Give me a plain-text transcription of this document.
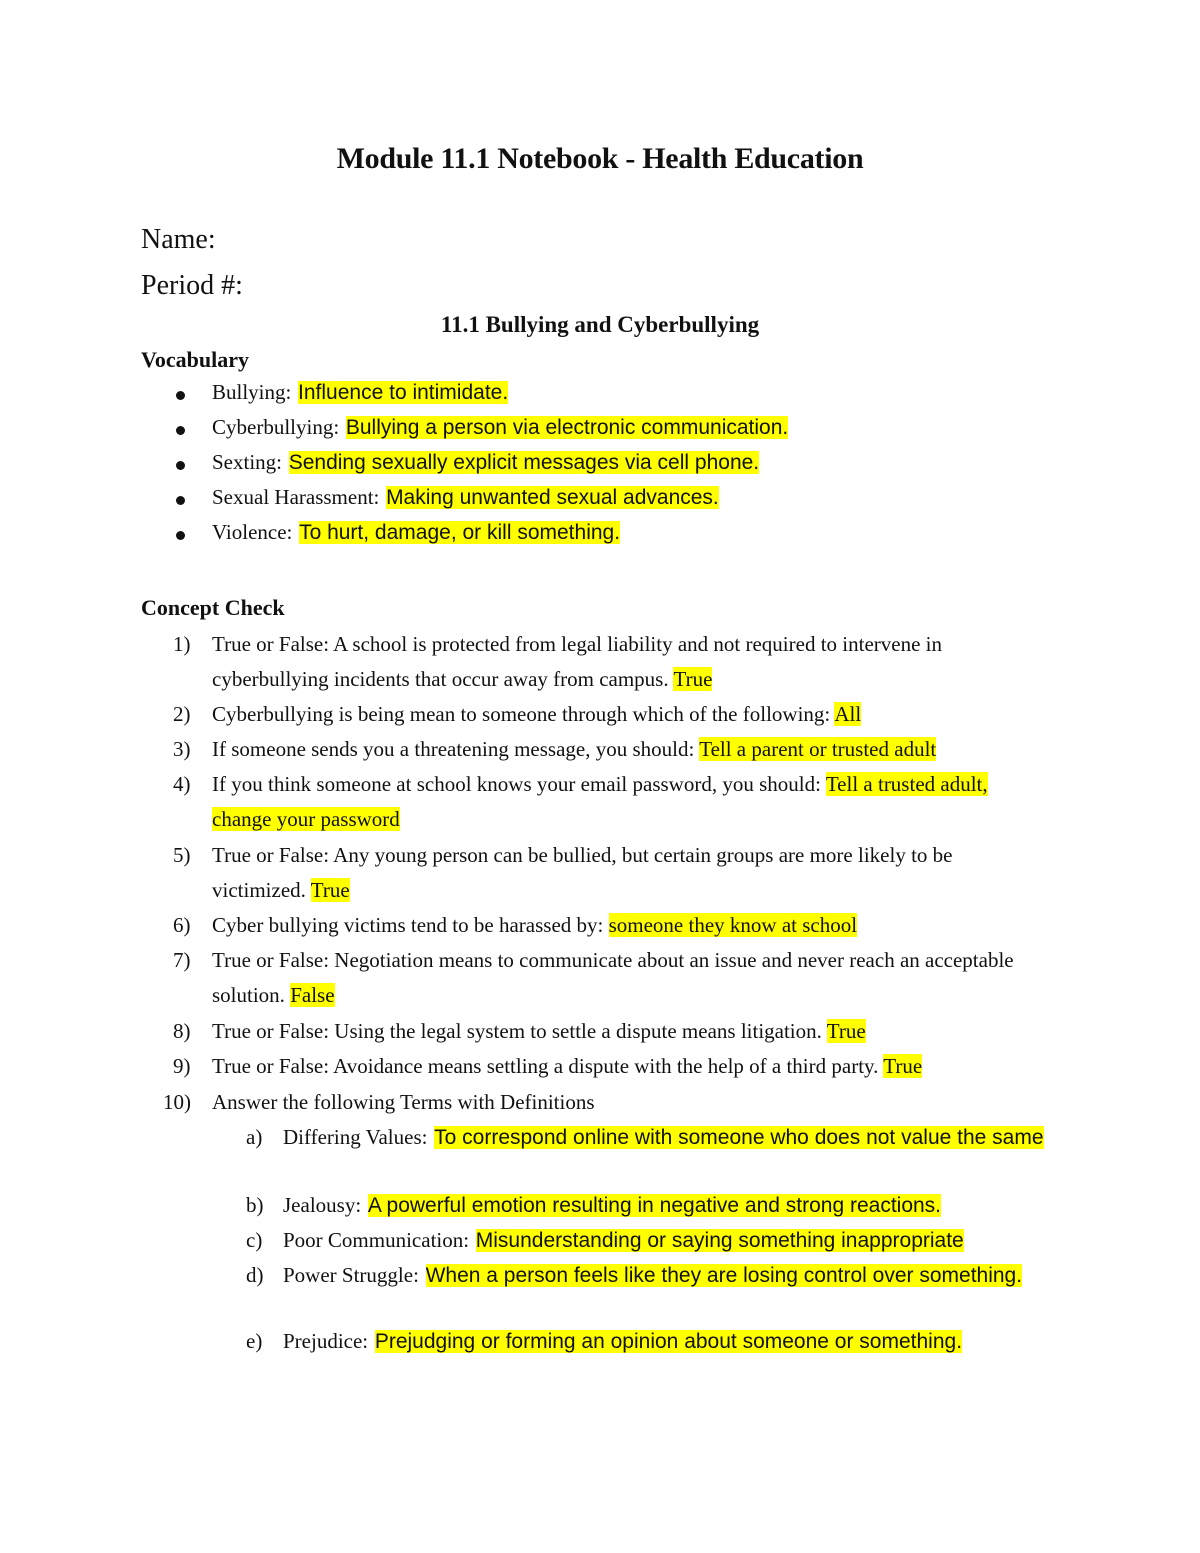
Module 11.1 Notebook - Health Education
Name:
Period #:
11.1 Bullying and Cyberbullying
Vocabulary
Bullying: Influence to intimidate.
Cyberbullying: Bullying a person via electronic communication.
Sexting: Sending sexually explicit messages via cell phone.
Sexual Harassment: Making unwanted sexual advances.
Violence: To hurt, damage, or kill something.
Concept Check
1) True or False: A school is protected from legal liability and not required to intervene in cyberbullying incidents that occur away from campus. True
2) Cyberbullying is being mean to someone through which of the following: All
3) If someone sends you a threatening message, you should: Tell a parent or trusted adult
4) If you think someone at school knows your email password, you should: Tell a trusted adult, change your password
5) True or False: Any young person can be bullied, but certain groups are more likely to be victimized. True
6) Cyber bullying victims tend to be harassed by: someone they know at school
7) True or False: Negotiation means to communicate about an issue and never reach an acceptable solution. False
8) True or False: Using the legal system to settle a dispute means litigation. True
9) True or False: Avoidance means settling a dispute with the help of a third party. True
10) Answer the following Terms with Definitions
a) Differing Values: To correspond online with someone who does not value the same
b) Jealousy: A powerful emotion resulting in negative and strong reactions.
c) Poor Communication: Misunderstanding or saying something inappropriate
d) Power Struggle: When a person feels like they are losing control over something.
e) Prejudice: Prejudging or forming an opinion about someone or something.
